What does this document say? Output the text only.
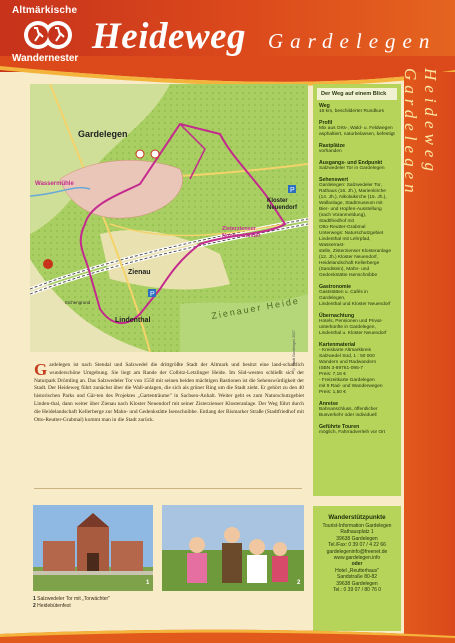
Altmärkische
Wandernester
Heideweg Gardelegen
Heideweg Gardelegen
Zienauer Heide
P
P
Gardelegen
Wassermühle
Kloster
Neuendorf
Zisterzienser
Nonnenkloster
Zienau
Lindenthal
Eichengrund
© Stadt Gardelegen 2007
Der Weg auf einem Blick
Weg

16 km, beschilderter Rundkurs

Profil

Mix aus Orts-, Wald- u. Feldwegen
asphaltiert, naturbelassen, befestigt

Rastplätze

vorhanden

Ausgangs- und Endpunkt

Salzwedeler Tor in Gardelegen

Sehenswert

Gardelegen: Salzwedeler Tor,
Rathaus (16. Jh.), Marienkirche
(14. Jh.), Nikolaikirche (15. Jh.),
Wallanlage, Stadtmuseum mit
Bier- und Hopfen-Ausstellung
(nach Voranmeldung),
Stadtfriedhof mit
Otto-Reutter-Grabmal
Unterwegs: Naturschutzgebiet
Lindenthal mit Lehrpfad, Wasserrast-
stelle, Zisterzienser Klosteranlage
(12. Jh.) Kloster Neuendorf,
Heidelandschaft Kellerberge
(Sandstein), Mahn- und
Gedenkstätte Isenschnibbe

Gastronomie

Gaststätten u. Cafés in Gardelegen,
Lindenthal und Kloster Neuendorf

Übernachtung

Hotels, Pensionen und Privat-
unterkünfte in Gardelegen,
Lindenthal u. Kloster Neuendorf

Kartenmaterial

- Kreiskarte Altmarkkreis
Salzwedel Süd, 1 : 50 000
Wandern und Radwandern
ISBN 3-89761-095-7
Preis: 7,16 €
- Freizeitkarte Gardelegen
mit 9 Rad- und Wanderwegen
Preis: 1,50 €

Anreise

Bahnanschluss, öffentlicher
Busverkehr oder individuell

Geführte Touren

möglich, Fahrradverleih vor Ort

Wanderstützpunkte

Tourist-Information Gardelegen
Rathausplatz 1
39638 Gardelegen
Tel./Fax: 0 39 07 / 4 22 66
gardelegeninfo@freenet.de
www.gardelegen.info

oder

Hotel „Reutterhaus"
Sandstraße 80-82
39638 Gardelegen
Tel.: 0 39 07 / 80 76 0

Gardelegen ist nach Stendal und Salzwedel die drittgrößte Stadt der Altmark und besitzt eine land-schaftlich wunderschöne Umgebung. Sie liegt am Rande der Colbitz-Letzlinger Heide. Im Süd-westen schließt sich der Naturpark Drömling an. Das Salzwedeler Tor von 1550 mit seinen beiden mächtigen Bastionen ist die Sehenswürdigkeit der Stadt. Der Heideweg führt zunächst über die Wall-anlagen, die sich als grüner Ring um die Stadt zieht. Er gehört zu den 40 historischen Parks und Gär-ten des Projektes „Gartenträume" in Sachsen-Anhalt. Weiter geht es zum Naturschutzgebiet Linden-thal, dann weiter über Zienau nach Kloster Neuendorf mit seiner Zisterzienser Klosteranlage. Der Weg führt durch die Heidelandschaft Kellerberge zur Mahn- und Gedenkstätte Isenschnibbe. Entlang der Bismarker Straße (Stadtfriedhof mit Otto-Reutter-Grabmal) kommt man in die Stadt zurück.
1	2
1 Salzwedeler Tor mit „Torwächter"
2 Heidebütenfest
